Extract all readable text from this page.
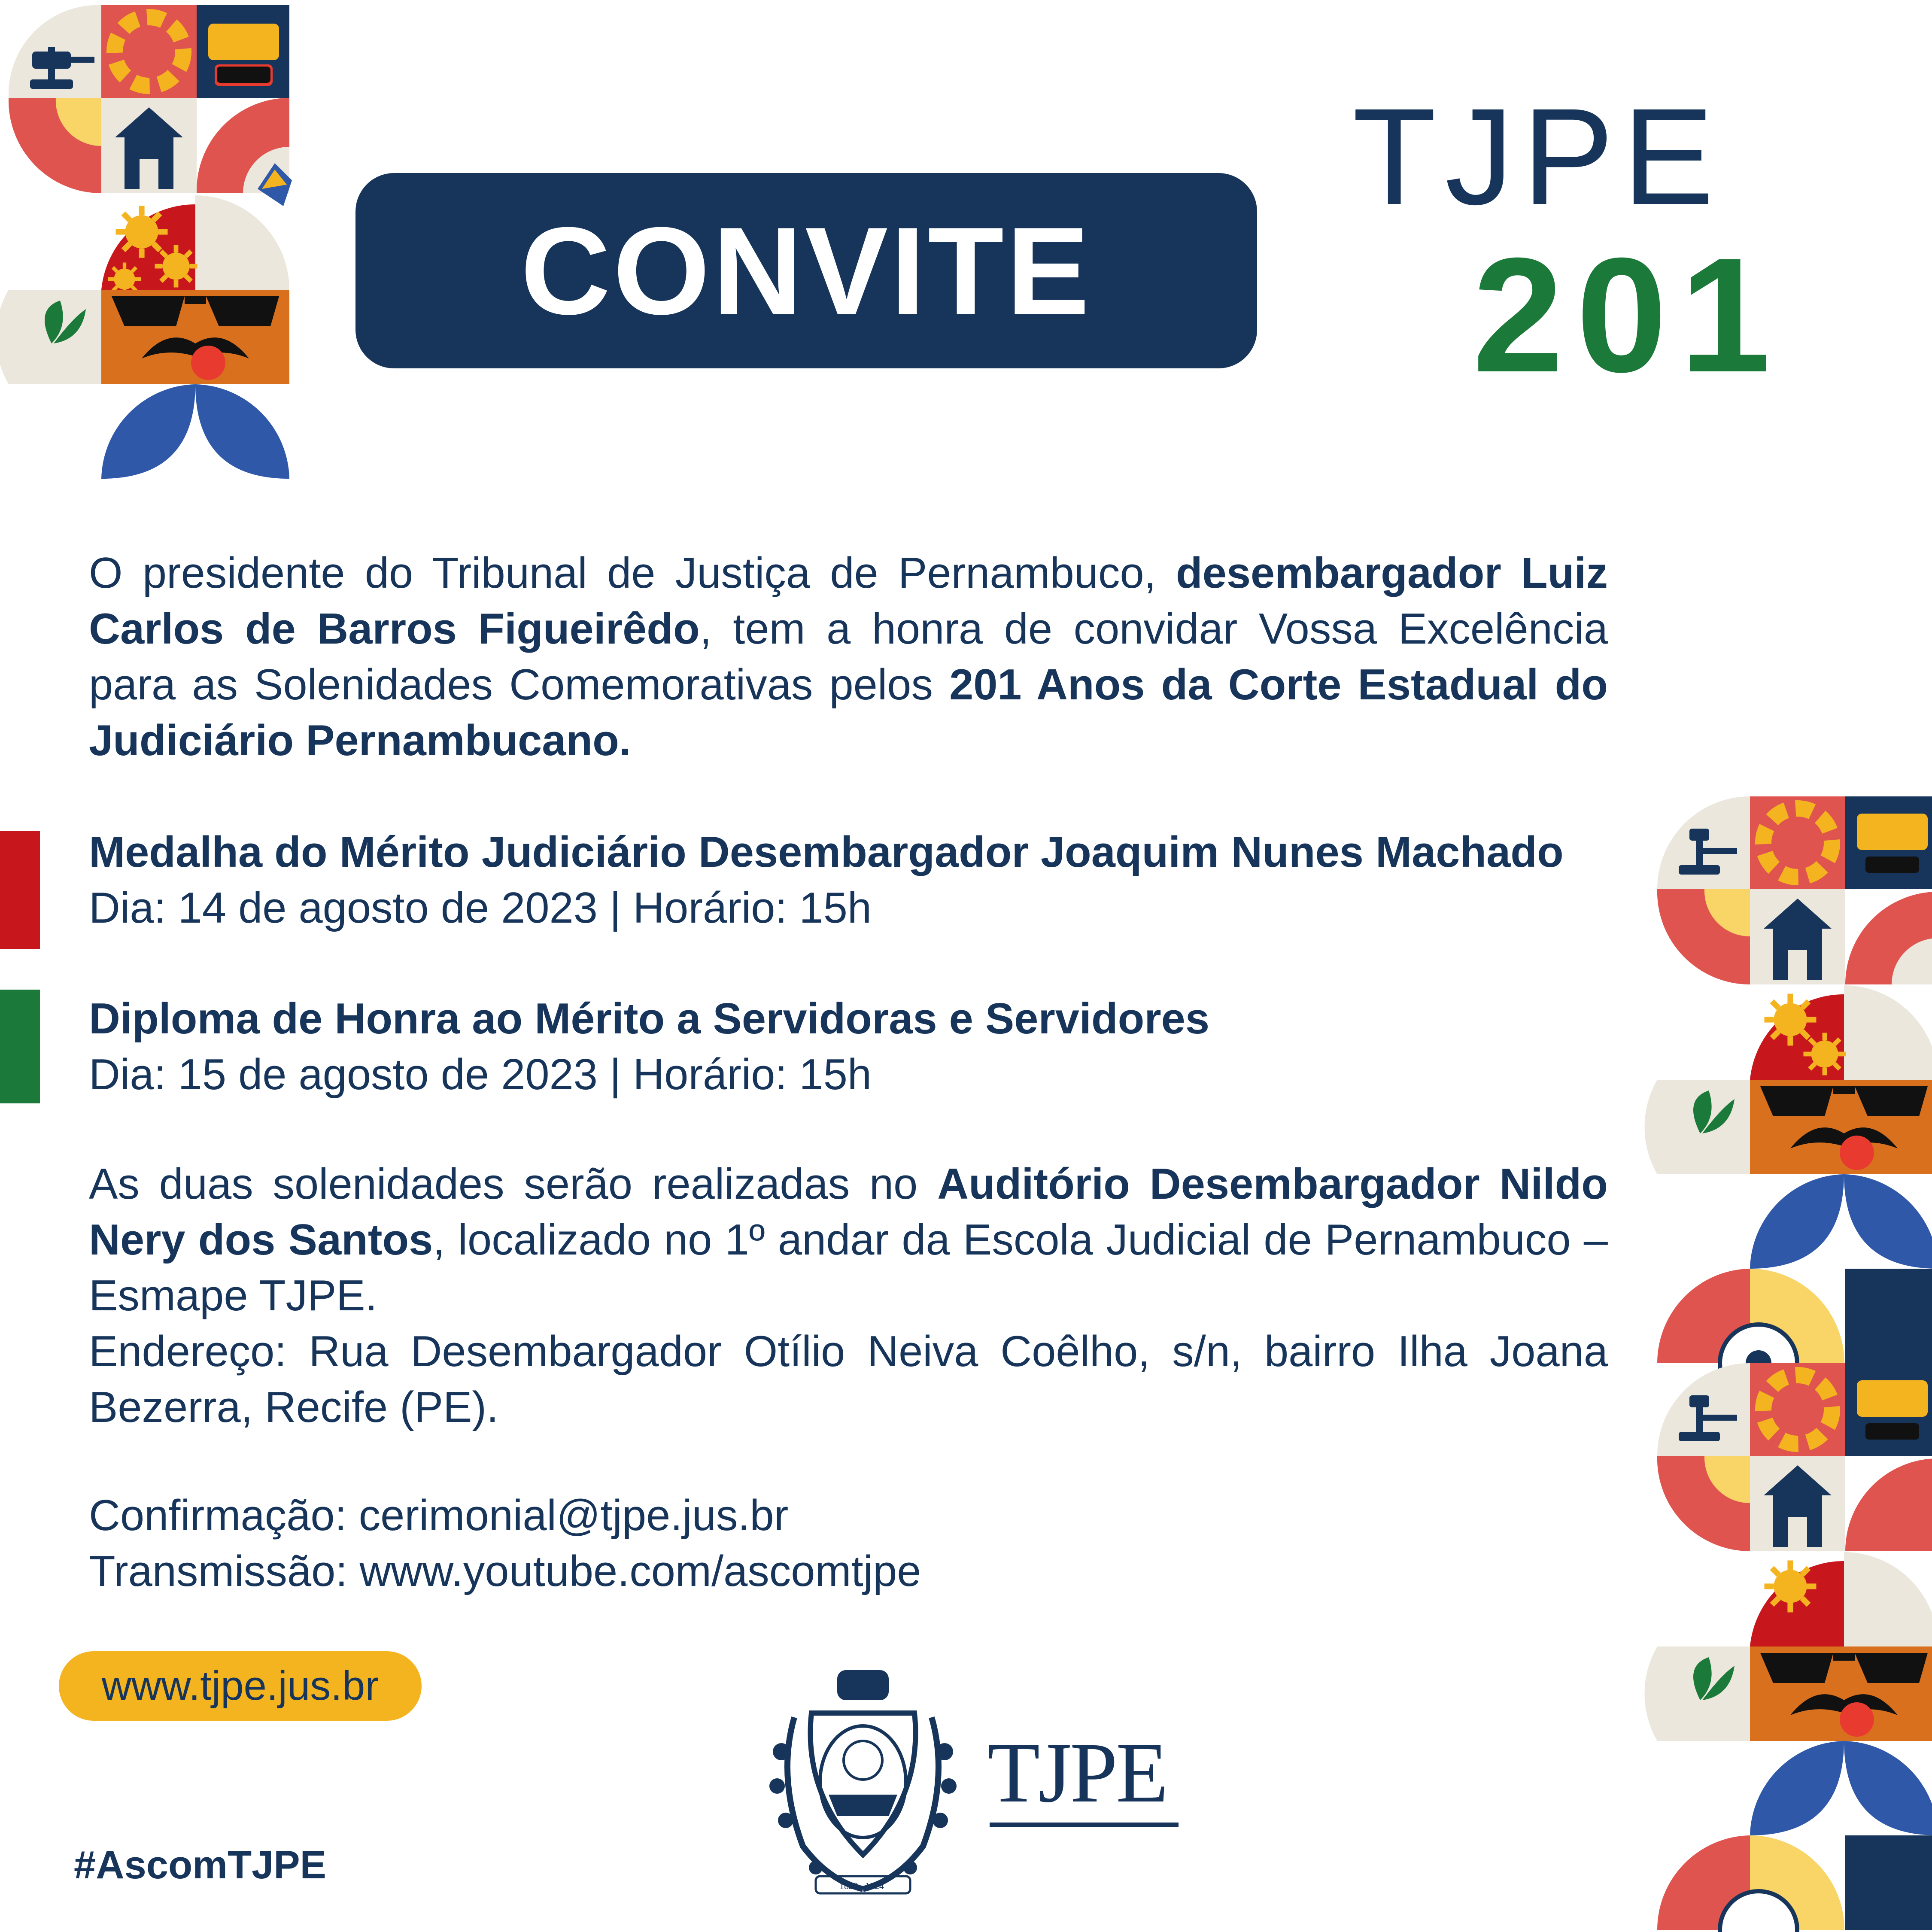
CONVITE
TJPE
201
O presidente do Tribunal de Justiça de Pernambuco, desembargador Luiz Carlos de Barros Figueirêdo, tem a honra de convidar Vossa Excelência para as Solenidades Comemorativas pelos 201 Anos da Corte Estadual do Judiciário Pernambucano.
Medalha do Mérito Judiciário Desembargador Joaquim Nunes Machado
Dia: 14 de agosto de 2023 | Horário: 15h
Diploma de Honra ao Mérito a Servidoras e Servidores
Dia: 15 de agosto de 2023 | Horário: 15h
As duas solenidades serão realizadas no Auditório Desembargador Nildo Nery dos Santos, localizado no 1º andar da Escola Judicial de Pernambuco – Esmape TJPE.
Endereço: Rua Desembargador Otílio Neiva Coêlho, s/n, bairro Ilha Joana Bezerra, Recife (PE).
Confirmação: cerimonial@tjpe.jus.br
Transmissão: www.youtube.com/ascomtjpe
www.tjpe.jus.br
#AscomTJPE	1822 1824
TJPE
